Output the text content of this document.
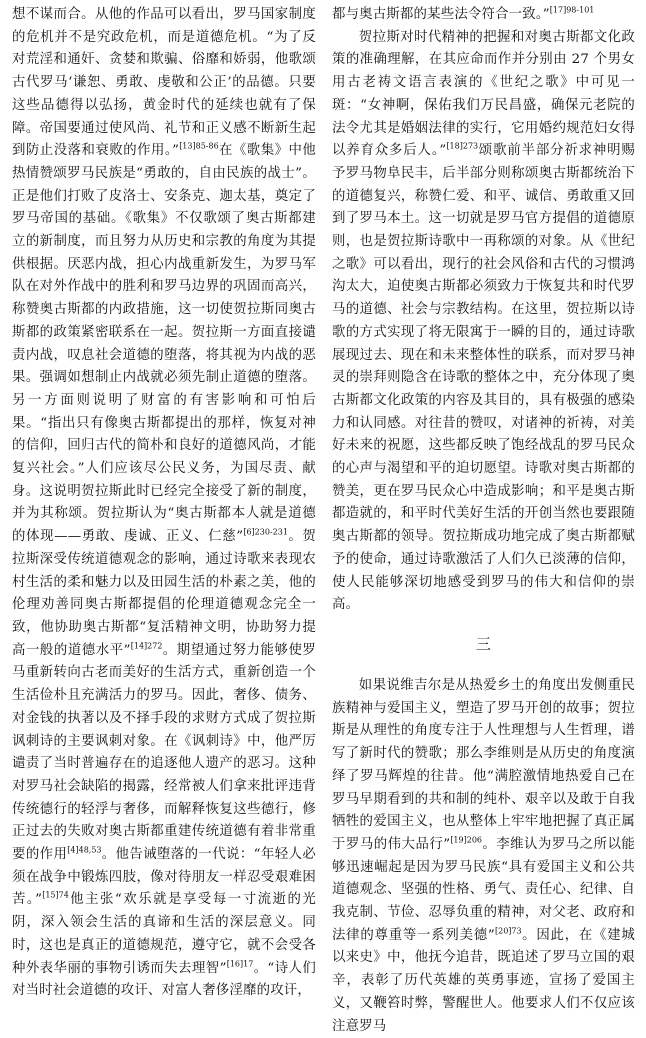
想不谋而合。从他的作品可以看出，罗马国家制度的危机并不是究政危机，而是道德危机。“为了反对荒淫和通奸、贪婪和欺骗、俗靡和娇弱，他歌颂古代罗马‘谦恕、勇敢、虔敬和公正’的品德。只要这些品德得以弘扬，黄金时代的延续也就有了保障。帝国要通过使风尚、礼节和正义感不断新生起到防止没落和衰败的作用。”$^{[13]85-86}$在《歌集》中他热情赞颂罗马民族是“勇敢的，自由民族的战士”。正是他们打败了皮洛士、安条克、迦太基，奠定了罗马帝国的基础。《歌集》不仅歌颂了奥古斯都建立的新制度，而且努力从历史和宗教的角度为其提供根据。厌恶内战，担心内战重新发生，为罗马军队在对外作战中的胜利和罗马边界的巩固而高兴，称赞奥古斯都的内政措施，这一切使贺拉斯同奥古斯都的政策紧密联系在一起。贺拉斯一方面直接谴责内战，叹息社会道德的堕落，将其视为内战的恶果。强调如想制止内战就必须先制止道德的堕落。另一方面则说明了财富的有害影响和可怕后果。“指出只有像奥古斯都提出的那样，恢复对神的信仰，回归古代的简朴和良好的道德风尚，才能复兴社会。”人们应该尽公民义务，为国尽责、献身。这说明贺拉斯此时已经完全接受了新的制度，并为其称颂。贺拉斯认为“奥古斯都本人就是道德的体现——勇敢、虔诚、正义、仁慈”$^{[6]230-231}$。贺拉斯深受传统道德观念的影响，通过诗歌来表现农村生活的柔和魅力以及田园生活的朴素之美，他的伦理劝善同奥古斯都提倡的伦理道德观念完全一致，他协助奥古斯都“复活精神文明，协助努力提高一般的道德水平”$^{[14]272}$。期望通过努力能够使罗马重新转向古老而美好的生活方式，重新创造一个生活俭朴且充满活力的罗马。因此，奢侈、债务、对金钱的执著以及不择手段的求财方式成了贺拉斯讽刺诗的主要讽刺对象。在《讽刺诗》中，他严厉谴责了当时普遍存在的追逐他人遗产的恶习。这种对罗马社会缺陷的揭露，经常被人们拿来批评违背传统德行的轻浮与奢侈，而解释恢复这些德行，修正过去的失败对奥古斯都重建传统道德有着非常重要的作用$^{[4]48,53}$。他告诫堕落的一代说：“年轻人必须在战争中锻炼四肢，像对待朋友一样忍受艰难困苦。”$^{[15]74}$他主张“欢乐就是享受每一寸流逝的光阴，深入领会生活的真谛和生活的深层意义。同时，这也是真正的道德规范，遵守它，就不会受各种外表华丽的事物引诱而失去理智”$^{[16]17}$。“诗人们对当时社会道德的攻讦、对富人奢侈淫靡的攻讦，

都与奥古斯都的某些法令符合一致。”$^{[17]98-101}$

贺拉斯对时代精神的把握和对奥古斯都文化政策的准确理解，在其应命而作并分别由 27 个男女用古老祷文语言表演的《世纪之歌》中可见一斑：“女神啊，保佑我们万民昌盛，确保元老院的法令尤其是婚姻法律的实行，它用婚约规范妇女得以养育众多后人。”$^{[18]273}$颂歌前半部分祈求神明赐予罗马物阜民丰，后半部分则称颂奥古斯都统治下的道德复兴，称赞仁爱、和平、诚信、勇敢重又回到了罗马本土。这一切就是罗马官方提倡的道德原则，也是贺拉斯诗歌中一再称颂的对象。从《世纪之歌》可以看出，现行的社会风俗和古代的习惯鸿沟太大，迫使奥古斯都必须致力于恢复共和时代罗马的道德、社会与宗教结构。在这里，贺拉斯以诗歌的方式实现了将无限寓于一瞬的目的，通过诗歌展现过去、现在和未来整体性的联系，而对罗马神灵的崇拜则隐含在诗歌的整体之中，充分体现了奥古斯都文化政策的内容及其目的，具有极强的感染力和认同感。对往昔的赞叹，对诸神的祈祷，对美好未来的祝愿，这些都反映了饱经战乱的罗马民众的心声与渴望和平的迫切愿望。诗歌对奥古斯都的赞美，更在罗马民众心中造成影响；和平是奥古斯都造就的，和平时代美好生活的开创当然也要跟随奥古斯都的领导。贺拉斯成功地完成了奥古斯都赋予的使命，通过诗歌激活了人们久已淡薄的信仰，使人民能够深切地感受到罗马的伟大和信仰的崇高。

三

如果说维吉尔是从热爱乡土的角度出发侧重民族精神与爱国主义，塑造了罗马开创的故事；贺拉斯是从理性的角度专注于人性理想与人生哲理，谱写了新时代的赞歌；那么李维则是从历史的角度演绎了罗马辉煌的往昔。他“满腔激情地热爱自己在罗马早期看到的共和制的纯朴、艰辛以及敢于自我牺牲的爱国主义，也从整体上牢牢地把握了真正属于罗马的伟大品行”$^{[19]206}$。李维认为罗马之所以能够迅速崛起是因为罗马民族“具有爱国主义和公共道德观念、坚强的性格、勇气、责任心、纪律、自我克制、节俭、忍辱负重的精神，对父老、政府和法律的尊重等一系列美德”$^{[20]73}$。因此，在《建城以来史》中，他抚今追昔，既追述了罗马立国的艰辛，表彰了历代英雄的英勇事迹，宣扬了爱国主义，又鞭笞时弊，警醒世人。他要求人们不仅应该注意罗马
